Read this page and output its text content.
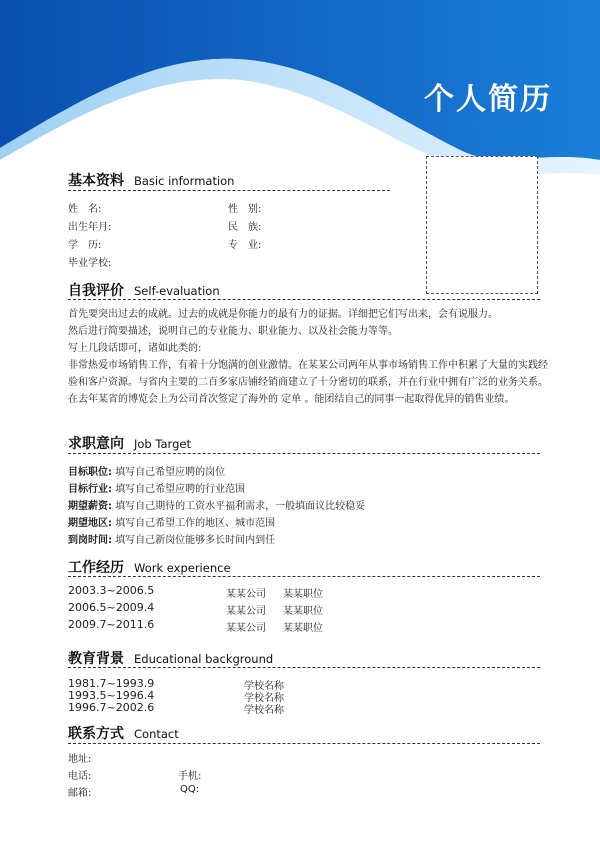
个人简历
基本资料 Basic information
姓　名:	性　别:
出生年月:	民　族:
学　历:	专　业:
毕业学校:
自我评价 Self-evaluation

首先要突出过去的成就。过去的成就是你能力的最有力的证据。详细把它们写出来，会有说服力。

然后进行简要描述，说明自己的专业能力、职业能力、以及社会能力等等。

写上几段话即可，诸如此类的:

非常热爱市场销售工作，有着十分饱满的创业激情。在某某公司两年从事市场销售工作中积累了大量的实践经验和客户资源。与省内主要的二百多家店铺经销商建立了十分密切的联系，并在行业中拥有广泛的业务关系。在去年某省的博览会上为公司首次签定了海外的 定单 。能团结自己的同事一起取得优异的销售业绩。

求职意向 Job Target
目标职位: 填写自己希望应聘的岗位
目标行业: 填写自己希望应聘的行业范围
期望薪资: 填写自己期待的工资水平福利需求，一般填面议比较稳妥
期望地区: 填写自己希望工作的地区、城市范围
到岗时间: 填写自己新岗位能够多长时间内到任
工作经历 Work experience
2003.3~2006.5	某某公司 某某职位
2006.5~2009.4	某某公司 某某职位
2009.7~2011.6	某某公司 某某职位
教育背景 Educational background
1981.7~1993.9	学校名称
1993.5~1996.4	学校名称
1996.7~2002.6	学校名称
联系方式 Contact
地址:
电话:	手机:
邮箱:	QQ:
